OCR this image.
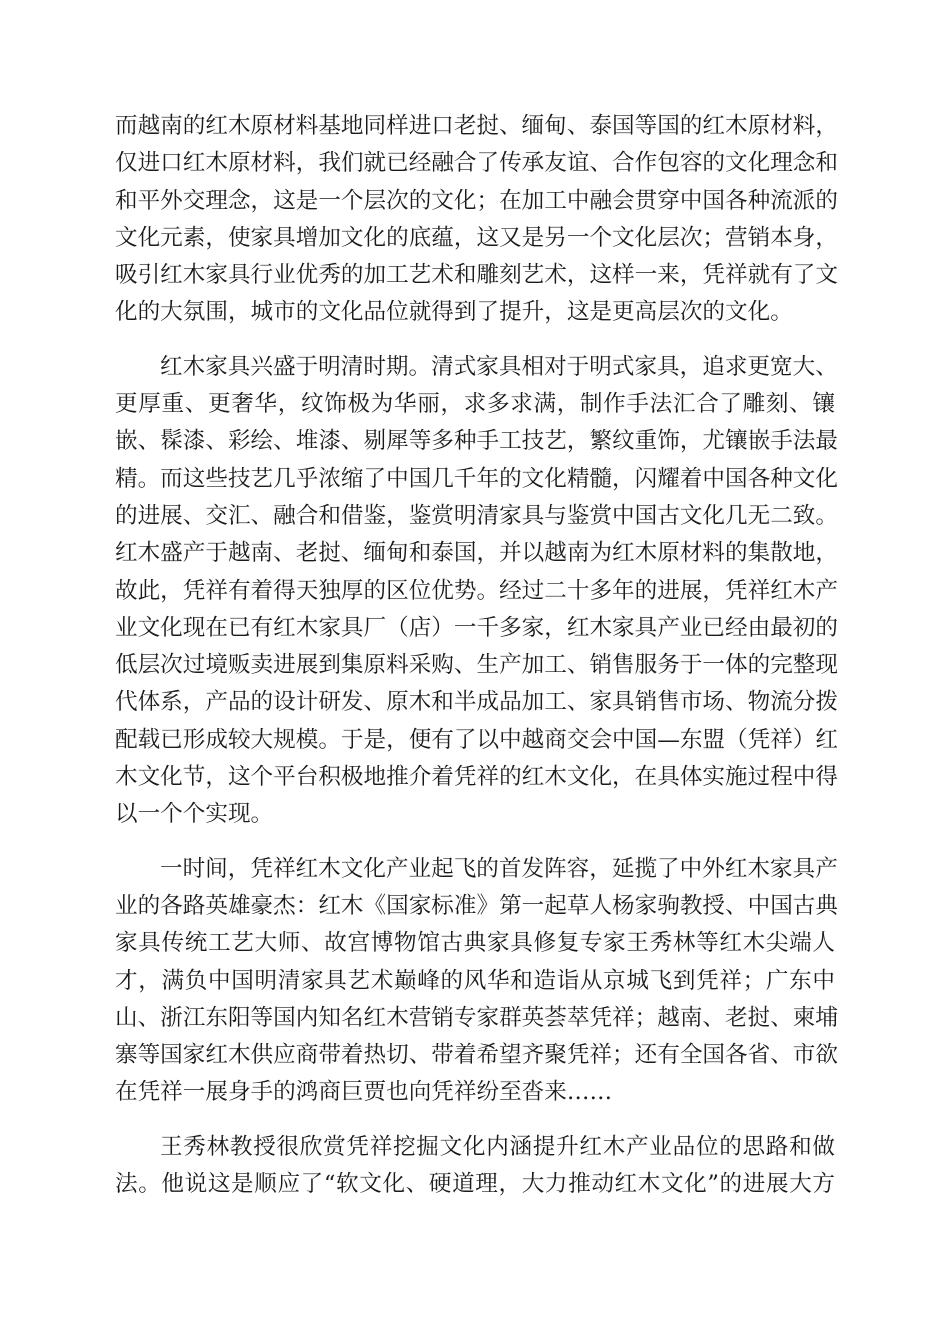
而越南的红木原材料基地同样进口老挝、缅甸、泰国等国的红木原材料，
仅进口红木原材料，我们就已经融合了传承友谊、合作包容的文化理念和
和平外交理念，这是一个层次的文化；在加工中融会贯穿中国各种流派的
文化元素，使家具增加文化的底蕴，这又是另一个文化层次；营销本身，
吸引红木家具行业优秀的加工艺术和雕刻艺术，这样一来，凭祥就有了文
化的大氛围，城市的文化品位就得到了提升，这是更高层次的文化。

红木家具兴盛于明清时期。清式家具相对于明式家具，追求更宽大、
更厚重、更奢华，纹饰极为华丽，求多求满，制作手法汇合了雕刻、镶
嵌、髹漆、彩绘、堆漆、剔犀等多种手工技艺，繁纹重饰，尤镶嵌手法最
精。而这些技艺几乎浓缩了中国几千年的文化精髓，闪耀着中国各种文化
的进展、交汇、融合和借鉴，鉴赏明清家具与鉴赏中国古文化几无二致。
红木盛产于越南、老挝、缅甸和泰国，并以越南为红木原材料的集散地，
故此，凭祥有着得天独厚的区位优势。经过二十多年的进展，凭祥红木产
业文化现在已有红木家具厂（店）一千多家，红木家具产业已经由最初的
低层次过境贩卖进展到集原料采购、生产加工、销售服务于一体的完整现
代体系，产品的设计研发、原木和半成品加工、家具销售市场、物流分拨
配载已形成较大规模。于是，便有了以中越商交会中国—东盟（凭祥）红
木文化节，这个平台积极地推介着凭祥的红木文化，在具体实施过程中得
以一个个实现。

一时间，凭祥红木文化产业起飞的首发阵容，延揽了中外红木家具产
业的各路英雄豪杰：红木《国家标准》第一起草人杨家驹教授、中国古典
家具传统工艺大师、故宫博物馆古典家具修复专家王秀林等红木尖端人
才，满负中国明清家具艺术巅峰的风华和造诣从京城飞到凭祥；广东中
山、浙江东阳等国内知名红木营销专家群英荟萃凭祥；越南、老挝、柬埔
寨等国家红木供应商带着热切、带着希望齐聚凭祥；还有全国各省、市欲
在凭祥一展身手的鸿商巨贾也向凭祥纷至沓来……

王秀林教授很欣赏凭祥挖掘文化内涵提升红木产业品位的思路和做
法。他说这是顺应了“软文化、硬道理，大力推动红木文化”的进展大方
